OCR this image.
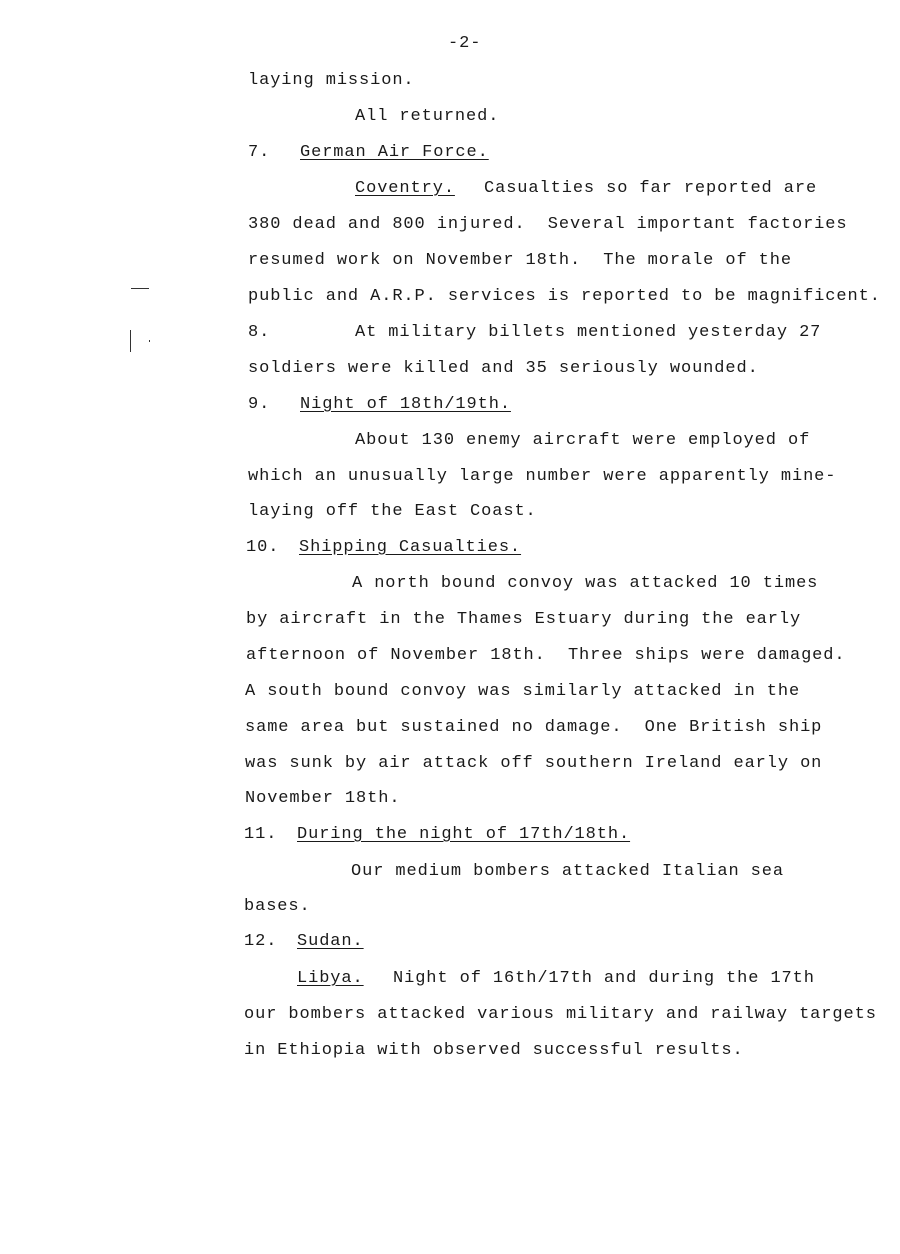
-2-
laying mission.
All returned.
7. German Air Force.
Coventry. Casualties so far reported are
380 dead and 800 injured.  Several important factories
resumed work on November 18th.  The morale of the
public and A.R.P. services is reported to be magnificent.
8.	At military billets mentioned yesterday 27
soldiers were killed and 35 seriously wounded.
9. Night of 18th/19th.
About 130 enemy aircraft were employed of
which an unusually large number were apparently mine-
laying off the East Coast.
10. Shipping Casualties.
A north bound convoy was attacked 10 times
by aircraft in the Thames Estuary during the early
afternoon of November 18th.  Three ships were damaged.
A south bound convoy was similarly attacked in the
same area but sustained no damage.  One British ship
was sunk by air attack off southern Ireland early on
November 18th.
11. During the night of 17th/18th.
Our medium bombers attacked Italian sea
bases.
12. Sudan.
Libya. Night of 16th/17th and during the 17th
our bombers attacked various military and railway targets
in Ethiopia with observed successful results.
